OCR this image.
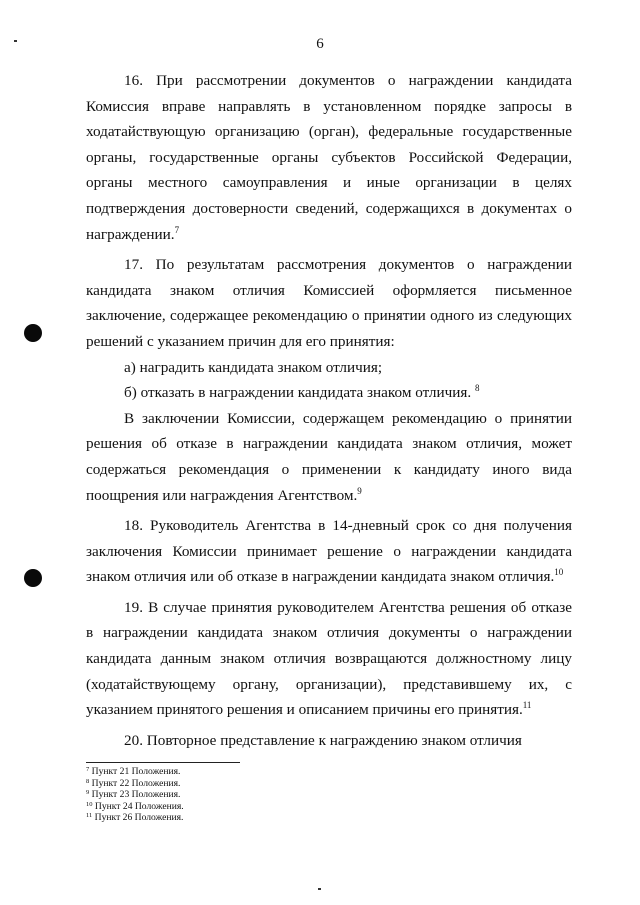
6

16. При рассмотрении документов о награждении кандидата Комиссия вправе направлять в установленном порядке запросы в ходатайствующую организацию (орган), федеральные государственные органы, государственные органы субъектов Российской Федерации, органы местного самоуправления и иные организации в целях подтверждения достоверности сведений, содержащихся в документах о награждении.$^7$

17. По результатам рассмотрения документов о награждении кандидата знаком отличия Комиссией оформляется письменное заключение, содержащее рекомендацию о принятии одного из следующих решений с указанием причин для его принятия:

а) наградить кандидата знаком отличия;

б) отказать в награждении кандидата знаком отличия. $^8$

В заключении Комиссии, содержащем рекомендацию о принятии решения об отказе в награждении кандидата знаком отличия, может содержаться рекомендация о применении к кандидату иного вида поощрения или награждения Агентством.$^9$

18. Руководитель Агентства в 14-дневный срок со дня получения заключения Комиссии принимает решение о награждении кандидата знаком отличия или об отказе в награждении кандидата знаком отличия.$^{10}$

19. В случае принятия руководителем Агентства решения об отказе в награждении кандидата знаком отличия документы о награждении кандидата данным знаком отличия возвращаются должностному лицу (ходатайствующему органу, организации), представившему их, с указанием принятого решения и описанием причины его принятия.$^{11}$

20. Повторное представление к награждению знаком отличия

$^7$ Пункт 21 Положения.
$^8$ Пункт 22 Положения.
$^9$ Пункт 23 Положения.
$^{10}$ Пункт 24 Положения.
$^{11}$ Пункт 26 Положения.
